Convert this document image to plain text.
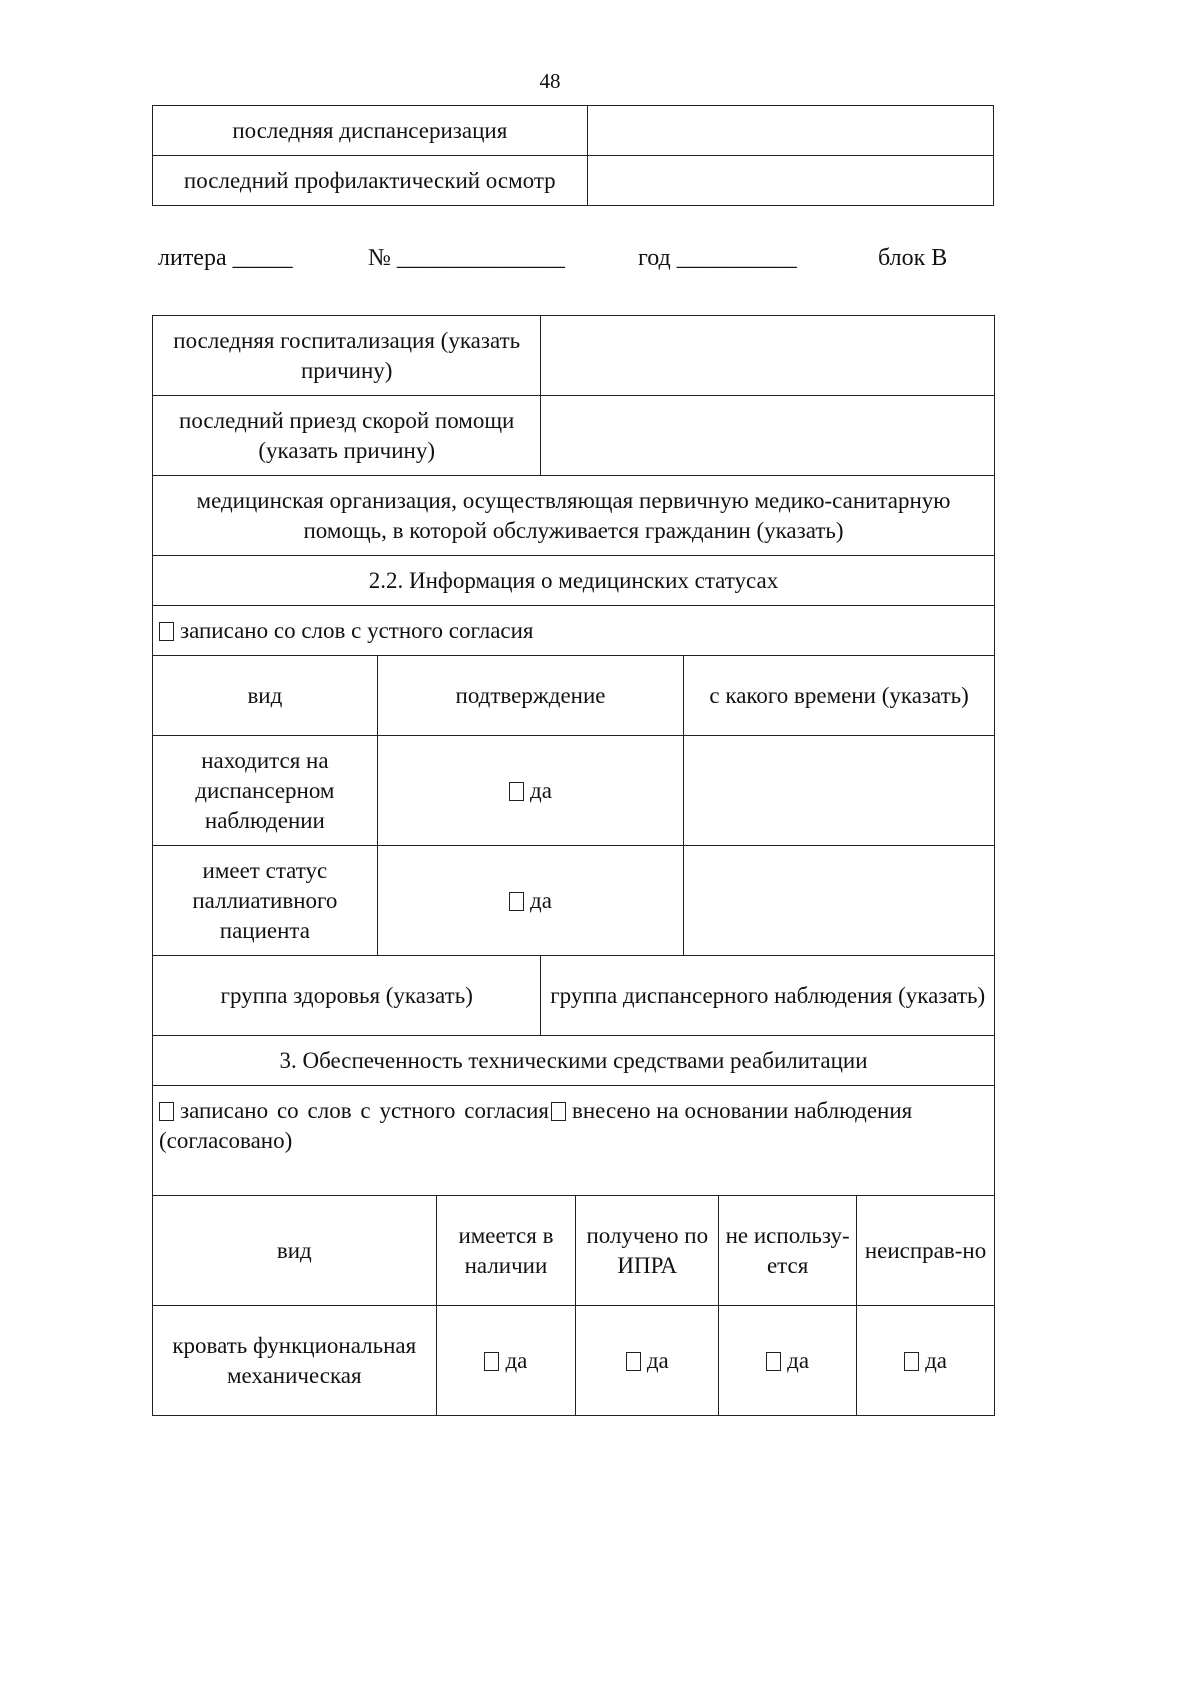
48
последняя диспансеризация	
последний профилактический осмотр	
литера _____	№ ______________	год __________	блок В
последняя госпитализация (указать причину)							
последний приезд скорой помощи (указать причину)							
медицинская организация, осуществляющая первичную медико-санитарную помощь, в которой обслуживается гражданин (указать)							
2.2. Информация о медицинских статусах							
записано со слов с устного согласия							
вид	подтверждение				с какого времени (указать)		
находится на диспансерном наблюдении	да						
имеет статус паллиативного пациента	да						
группа здоровья (указать)			группа диспансерного наблюдения (указать)				
3. Обеспеченность техническими средствами реабилитации							

записано со слов с устного согласия (согласовано)
внесено на основании наблюдения							

вид		имеется в наличии		получено по ИПРА		не использу-ется	неисправ-но
кровать функциональная механическая		да		да		да	да
